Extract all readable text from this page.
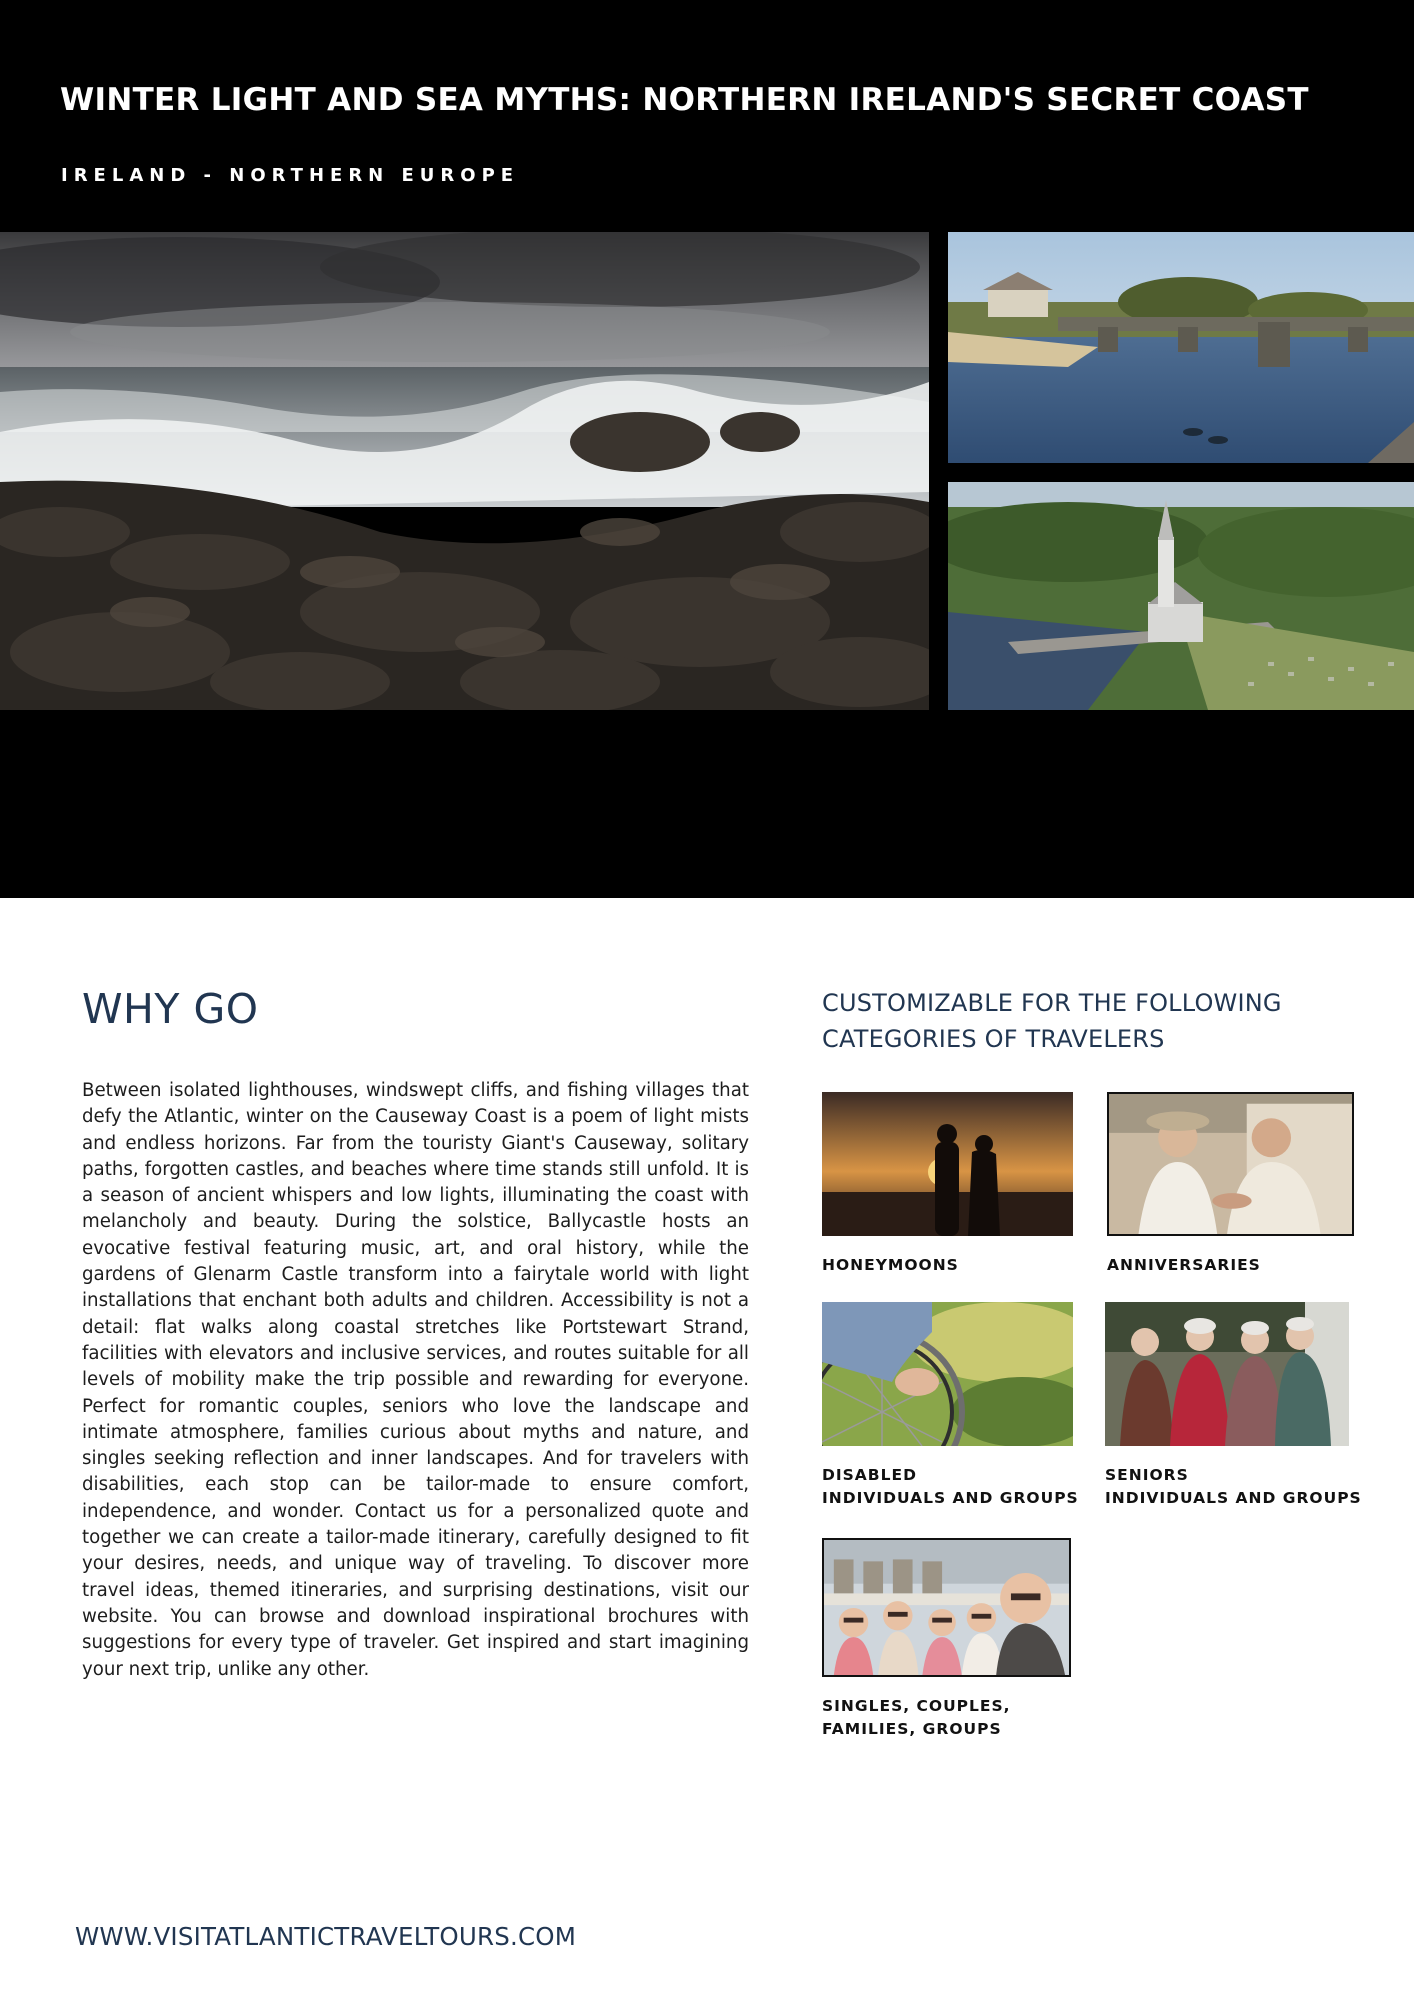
WINTER LIGHT AND SEA MYTHS: NORTHERN IRELAND'S SECRET COAST
IRELAND - NORTHERN EUROPE
WHY GO

Between isolated lighthouses, windswept cliffs, and fishing villages that defy the Atlantic, winter on the Causeway Coast is a poem of light mists and endless horizons. Far from the touristy Giant's Causeway, solitary paths, forgotten castles, and beaches where time stands still unfold. It is a season of ancient whispers and low lights, illuminating the coast with melancholy and beauty. During the solstice, Ballycastle hosts an evocative festival featuring music, art, and oral history, while the gardens of Glenarm Castle transform into a fairytale world with light installations that enchant both adults and children. Accessibility is not a detail: flat walks along coastal stretches like Portstewart Strand, facilities with elevators and inclusive services, and routes suitable for all levels of mobility make the trip possible and rewarding for everyone. Perfect for romantic couples, seniors who love the landscape and intimate atmosphere, families curious about myths and nature, and singles seeking reflection and inner landscapes. And for travelers with disabilities, each stop can be tailor-made to ensure comfort, independence, and wonder. Contact us for a personalized quote and together we can create a tailor-made itinerary, carefully designed to fit your desires, needs, and unique way of traveling. To discover more travel ideas, themed itineraries, and surprising destinations, visit our website. You can browse and download inspirational brochures with suggestions for every type of traveler. Get inspired and start imagining your next trip, unlike any other.

CUSTOMIZABLE FOR THE FOLLOWING CATEGORIES OF TRAVELERS
HONEYMOONS	ANNIVERSARIES
DISABLED
INDIVIDUALS AND GROUPS
SENIORS
INDIVIDUALS AND GROUPS
SINGLES, COUPLES,
FAMILIES, GROUPS
WWW.VISITATLANTICTRAVELTOURS.COM
